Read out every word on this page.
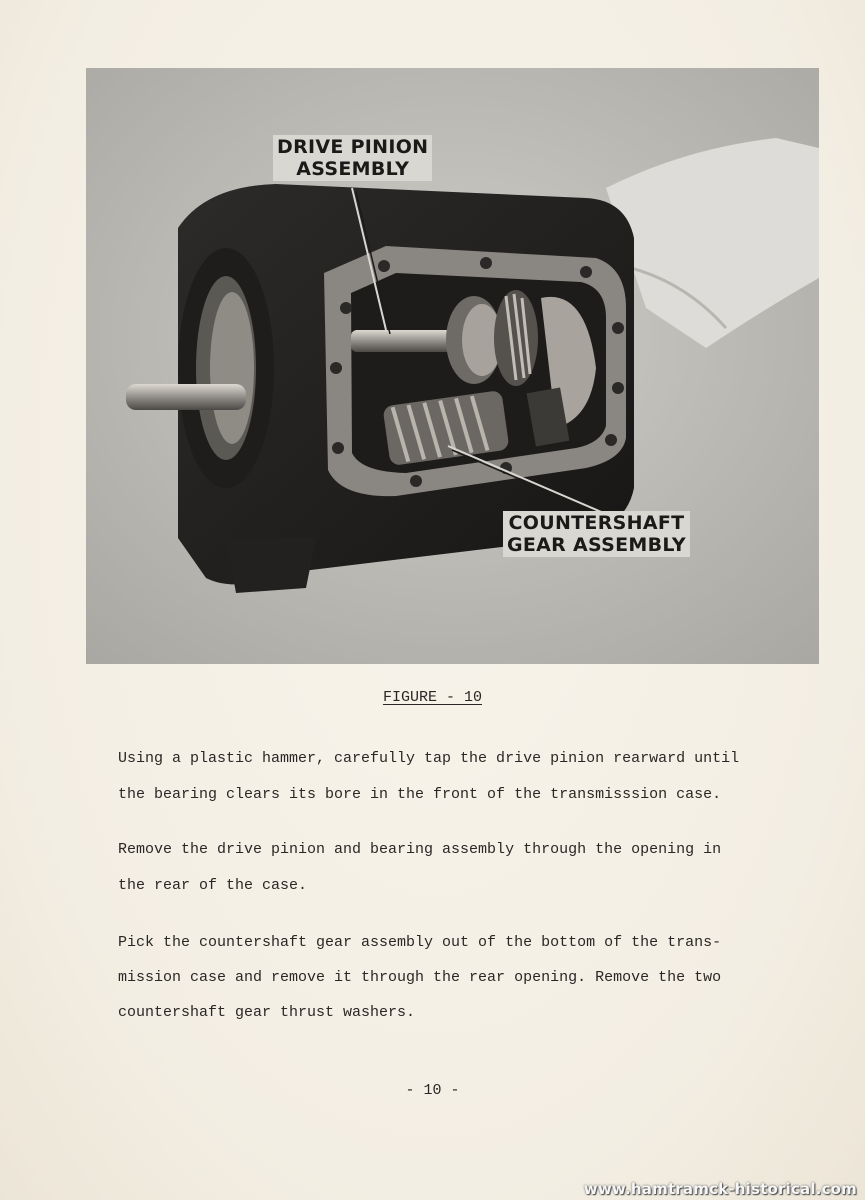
DRIVE PINION
ASSEMBLY
COUNTERSHAFT
GEAR ASSEMBLY
FIGURE - 10

Using a plastic hammer, carefully tap the drive pinion rearward until
the bearing clears its bore in the front of the transmisssion case.

Remove the drive pinion and bearing assembly through the opening in
the rear of the case.

Pick the countershaft gear assembly out of the bottom of the trans-
mission case and remove it through the rear opening. Remove the two
countershaft gear thrust washers.

- 10 -
www.hamtramck-historical.com
